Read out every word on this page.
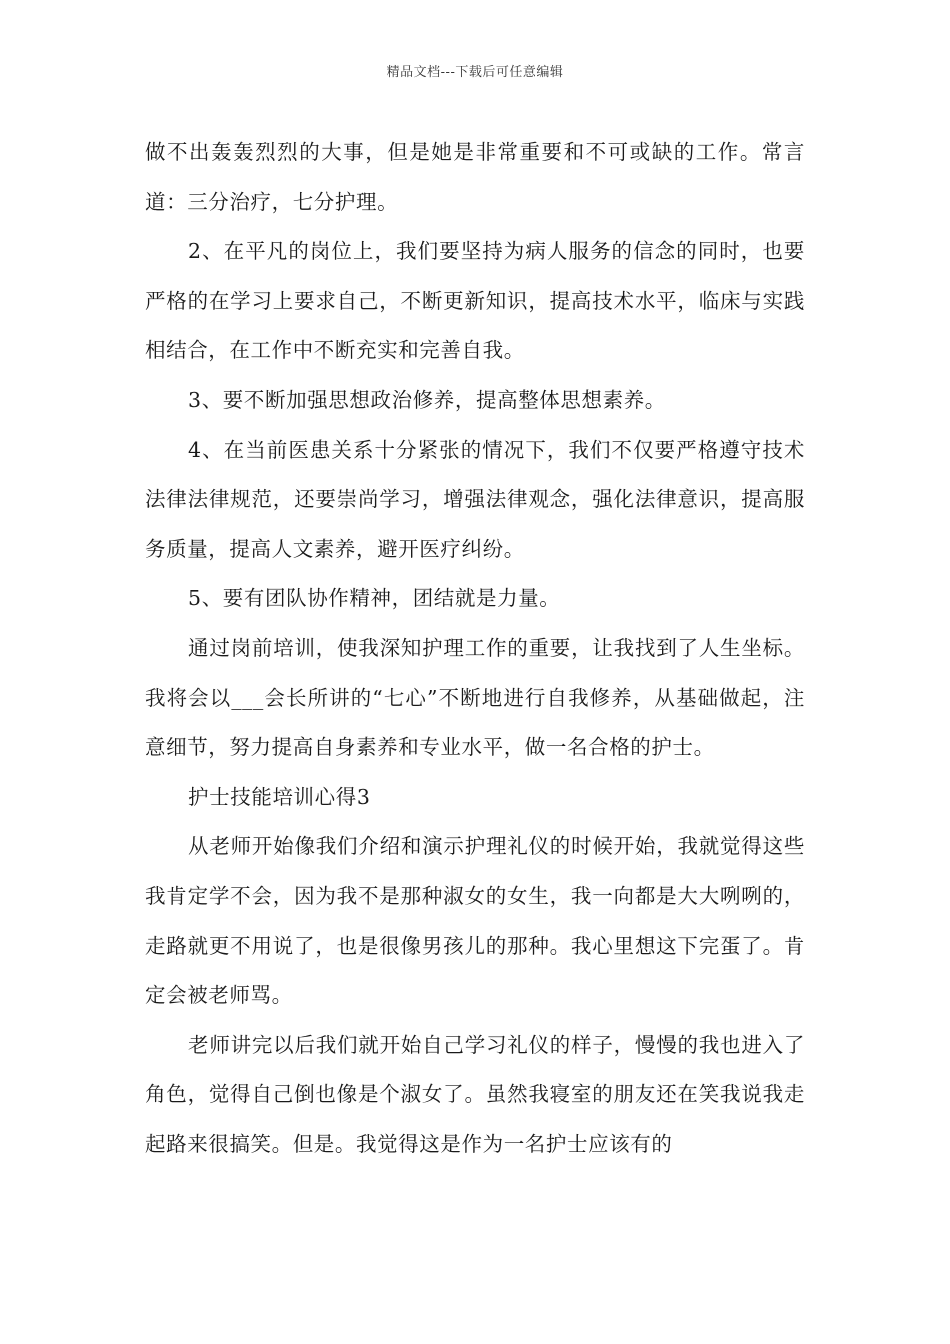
精品文档---下载后可任意编辑

做不出轰轰烈烈的大事，但是她是非常重要和不可或缺的工作。常言道：三分治疗，七分护理。

2、在平凡的岗位上，我们要坚持为病人服务的信念的同时，也要严格的在学习上要求自己，不断更新知识，提高技术水平，临床与实践相结合，在工作中不断充实和完善自我。

3、要不断加强思想政治修养，提高整体思想素养。

4、在当前医患关系十分紧张的情况下，我们不仅要严格遵守技术法律法律规范，还要崇尚学习，增强法律观念，强化法律意识，提高服务质量，提高人文素养，避开医疗纠纷。

5、要有团队协作精神，团结就是力量。

通过岗前培训，使我深知护理工作的重要，让我找到了人生坐标。我将会以___会长所讲的“七心”不断地进行自我修养，从基础做起，注意细节，努力提高自身素养和专业水平，做一名合格的护士。

护士技能培训心得3

从老师开始像我们介绍和演示护理礼仪的时候开始，我就觉得这些我肯定学不会，因为我不是那种淑女的女生，我一向都是大大咧咧的，走路就更不用说了，也是很像男孩儿的那种。我心里想这下完蛋了。肯定会被老师骂。

老师讲完以后我们就开始自己学习礼仪的样子，慢慢的我也进入了角色，觉得自己倒也像是个淑女了。虽然我寝室的朋友还在笑我说我走起路来很搞笑。但是。我觉得这是作为一名护士应该有的
